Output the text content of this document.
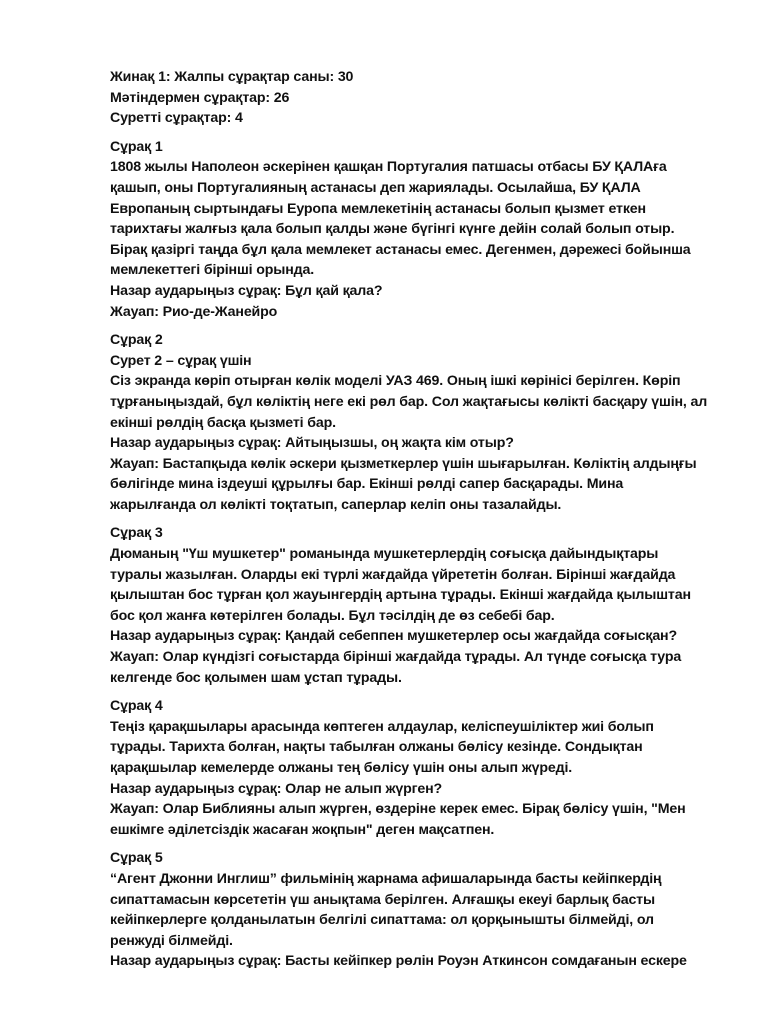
Жинақ 1: Жалпы сұрақтар саны: 30

Мәтіндермен сұрақтар: 26

Суретті сұрақтар: 4

Сұрақ 1

1808 жылы Наполеон әскерінен қашқан Португалия патшасы отбасы БУ ҚАЛАға қашып, оны Португалияның астанасы деп жариялады. Осылайша, БУ ҚАЛА Европаның сыртындағы Еуропа мемлекетінің астанасы болып қызмет еткен тарихтағы жалғыз қала болып қалды және бүгінгі күнге дейін солай болып отыр. Бірақ қазіргі таңда бұл қала мемлекет астанасы емес. Дегенмен, дәрежесі бойынша мемлекеттегі бірінші орында.

Назар аударыңыз сұрақ: Бұл қай қала?

Жауап: Рио-де-Жанейро

Сұрақ 2

Сурет 2 – сұрақ үшін

Сіз экранда көріп отырған көлік моделі УАЗ 469. Оның ішкі көрінісі берілген. Көріп тұрғаныңыздай, бұл көліктің неге екі рөл бар. Сол жақтағысы көлікті басқару үшін, ал екінші рөлдің басқа қызметі бар.

Назар аударыңыз сұрақ: Айтыңызшы, оң жақта кім отыр?

Жауап: Бастапқыда көлік әскери қызметкерлер үшін шығарылған. Көліктің алдыңғы бөлігінде мина іздеуші құрылғы бар. Екінші рөлді сапер басқарады. Мина жарылғанда ол көлікті тоқтатып, саперлар келіп оны тазалайды.

Сұрақ 3

Дюманың "Үш мушкетер" романында мушкетерлердің соғысқа дайындықтары туралы жазылған. Оларды екі түрлі жағдайда үйрететін болған. Бірінші жағдайда қылыштан бос тұрған қол жауынгердің артына тұрады. Екінші жағдайда қылыштан бос қол жанға көтерілген болады. Бұл тәсілдің де өз себебі бар.

Назар аударыңыз сұрақ: Қандай себеппен мушкетерлер осы жағдайда соғысқан?

Жауап: Олар күндізгі соғыстарда бірінші жағдайда тұрады. Ал түнде соғысқа тура келгенде бос қолымен шам ұстап тұрады.

Сұрақ 4

Теңіз қарақшылары арасында көптеген алдаулар, келіспеушіліктер жиі болып тұрады. Тарихта болған, нақты табылған олжаны бөлісу кезінде. Сондықтан қарақшылар кемелерде олжаны тең бөлісу үшін оны алып жүреді.

Назар аударыңыз сұрақ: Олар не алып жүрген?

Жауап: Олар Библияны алып жүрген, өздеріне керек емес. Бірақ бөлісу үшін, "Мен ешкімге әділетсіздік жасаған жоқпын" деген мақсатпен.

Сұрақ 5

“Агент Джонни Инглиш” фильмінің жарнама афишаларында басты кейіпкердің сипаттамасын көрсететін үш анықтама берілген. Алғашқы екеуі барлық басты кейіпкерлерге қолданылатын белгілі сипаттама: ол қорқынышты білмейді, ол ренжуді білмейді.

Назар аударыңыз сұрақ: Басты кейіпкер рөлін Роуэн Аткинсон сомдағанын ескере
